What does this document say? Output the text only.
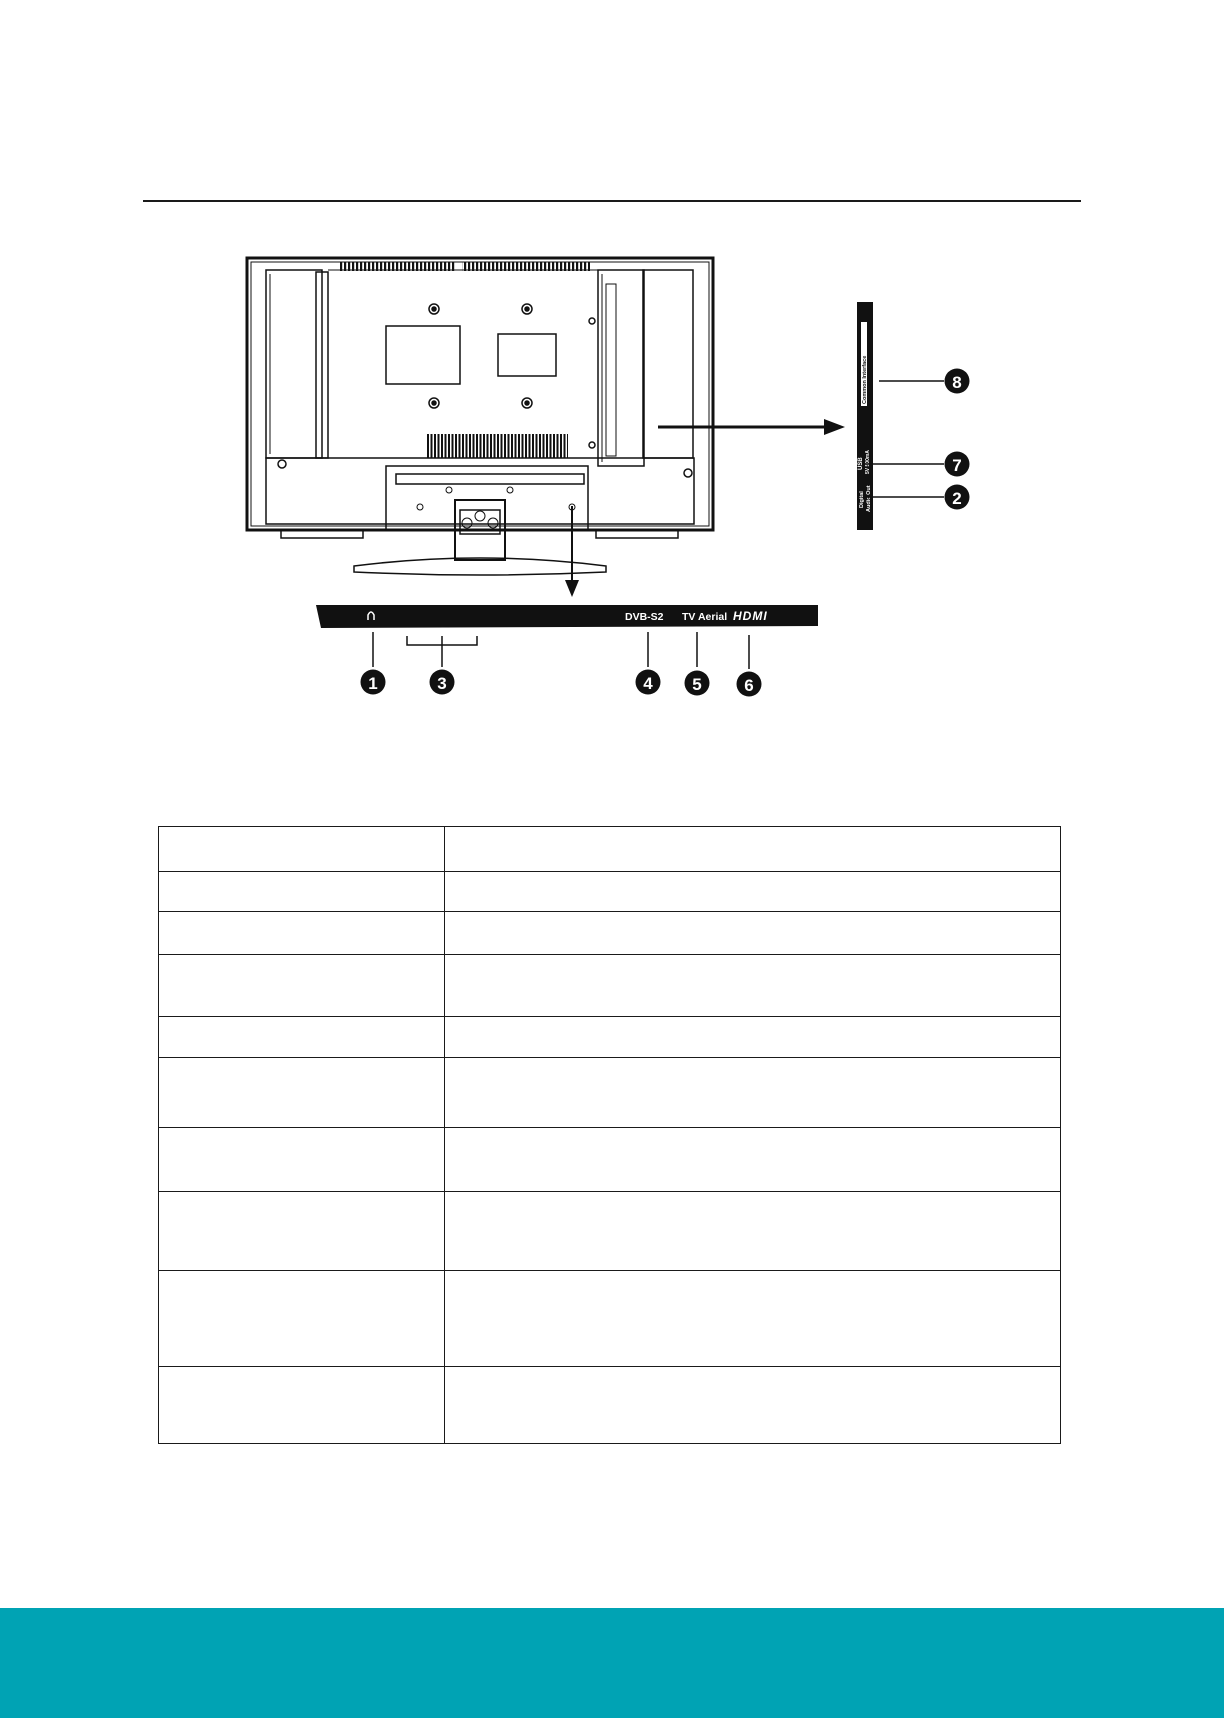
Common Interface
USB 5V 500mA
Digital Audio Out
DVB-S2 TV Aerial HDMI
1	3	4 5	6
8
7
2
